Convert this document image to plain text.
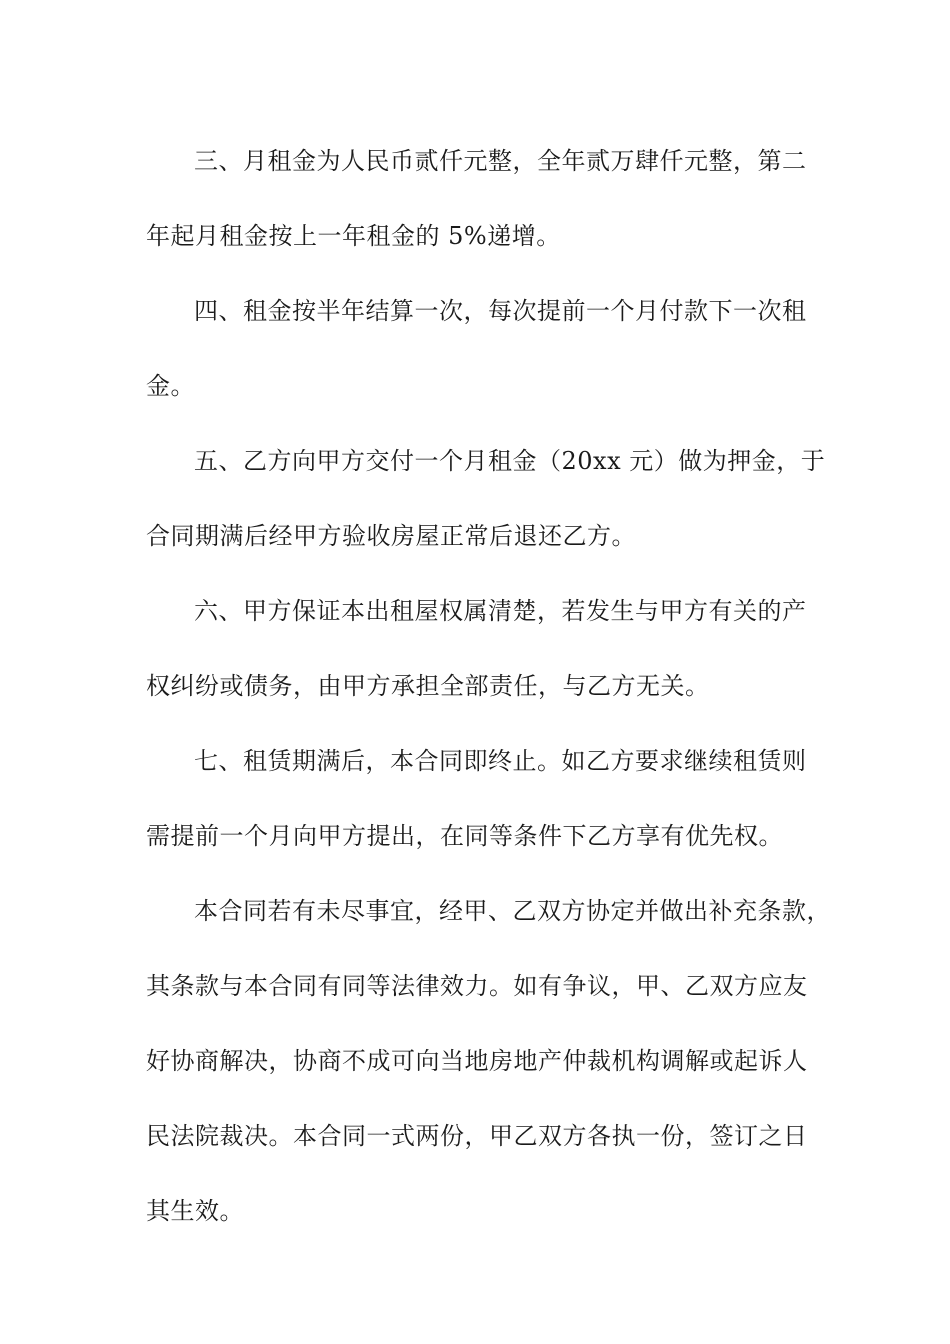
三、月租金为人民币贰仟元整，全年贰万肆仟元整，第二
年起月租金按上一年租金的 5%递增。
四、租金按半年结算一次，每次提前一个月付款下一次租
金。
五、乙方向甲方交付一个月租金（20xx 元）做为押金，于
合同期满后经甲方验收房屋正常后退还乙方。
六、甲方保证本出租屋权属清楚，若发生与甲方有关的产
权纠纷或债务，由甲方承担全部责任，与乙方无关。
七、租赁期满后，本合同即终止。如乙方要求继续租赁则
需提前一个月向甲方提出，在同等条件下乙方享有优先权。
本合同若有未尽事宜，经甲、乙双方协定并做出补充条款，
其条款与本合同有同等法律效力。如有争议，甲、乙双方应友
好协商解决，协商不成可向当地房地产仲裁机构调解或起诉人
民法院裁决。本合同一式两份，甲乙双方各执一份，签订之日
其生效。
